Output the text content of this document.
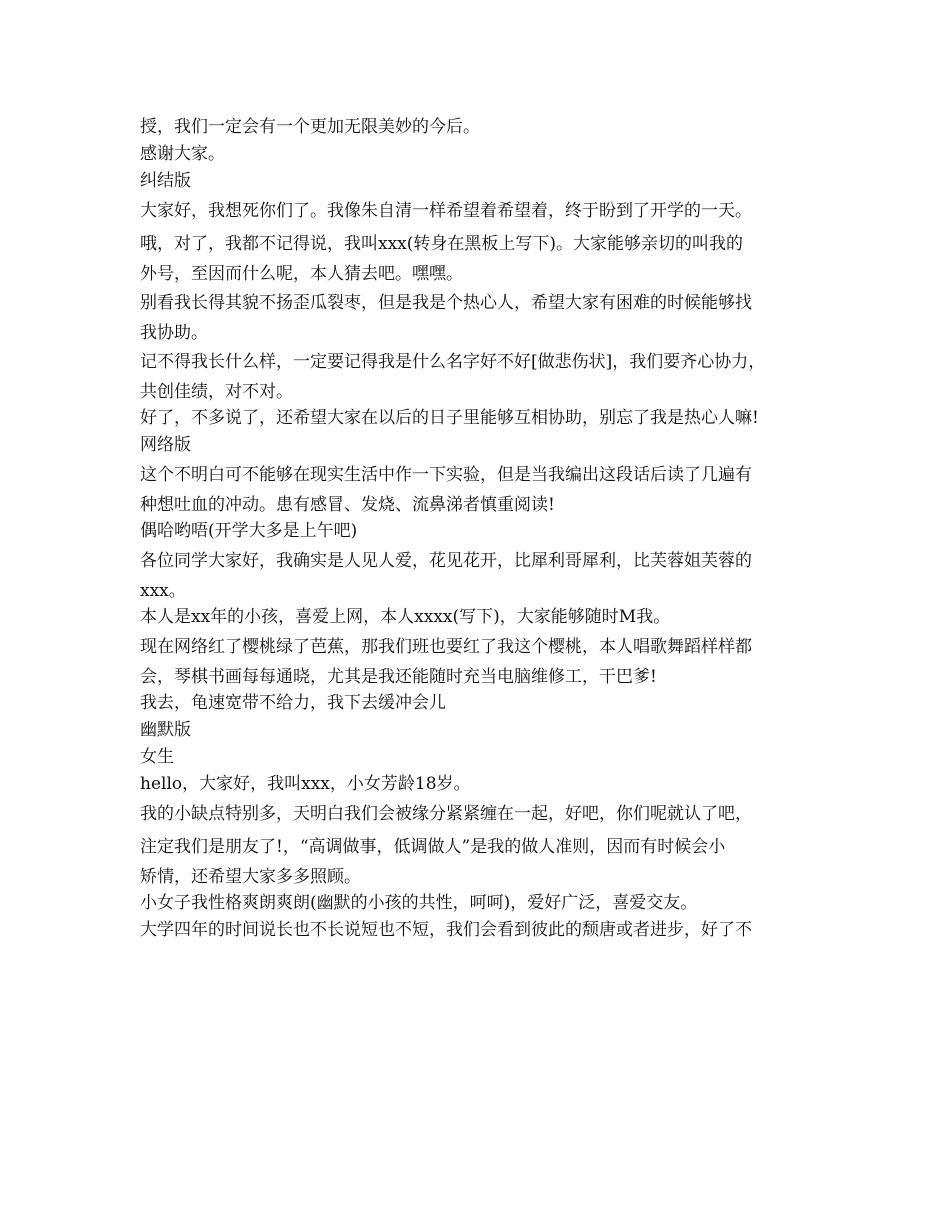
授，我们一定会有一个更加无限美妙的今后。
感谢大家。
纠结版
大家好，我想死你们了。我像朱自清一样希望着希望着，终于盼到了开学的一天。
哦，对了，我都不记得说，我叫xxx(转身在黑板上写下)。大家能够亲切的叫我的
外号，至因而什么呢，本人猜去吧。嘿嘿。
别看我长得其貌不扬歪瓜裂枣，但是我是个热心人，希望大家有困难的时候能够找
我协助。
记不得我长什么样，一定要记得我是什么名字好不好[做悲伤状]，我们要齐心协力，
共创佳绩，对不对。
好了，不多说了，还希望大家在以后的日子里能够互相协助，别忘了我是热心人嘛!
网络版
这个不明白可不能够在现实生活中作一下实验，但是当我编出这段话后读了几遍有
种想吐血的冲动。患有感冒、发烧、流鼻涕者慎重阅读!
偶哈哟唔(开学大多是上午吧)
各位同学大家好，我确实是人见人爱，花见花开，比犀利哥犀利，比芙蓉姐芙蓉的
xxx。
本人是xx年的小孩，喜爱上网，本人xxxx(写下)，大家能够随时M我。
现在网络红了樱桃绿了芭蕉，那我们班也要红了我这个樱桃，本人唱歌舞蹈样样都
会，琴棋书画每每通晓，尤其是我还能随时充当电脑维修工，干巴爹!
我去，龟速宽带不给力，我下去缓冲会儿
幽默版
女生
hello，大家好，我叫xxx，小女芳龄18岁。
我的小缺点特别多，天明白我们会被缘分紧紧缠在一起，好吧，你们呢就认了吧，
注定我们是朋友了!，“高调做事，低调做人”是我的做人准则，因而有时候会小
矫情，还希望大家多多照顾。
小女子我性格爽朗爽朗(幽默的小孩的共性，呵呵)，爱好广泛，喜爱交友。
大学四年的时间说长也不长说短也不短，我们会看到彼此的颓唐或者进步，好了不
